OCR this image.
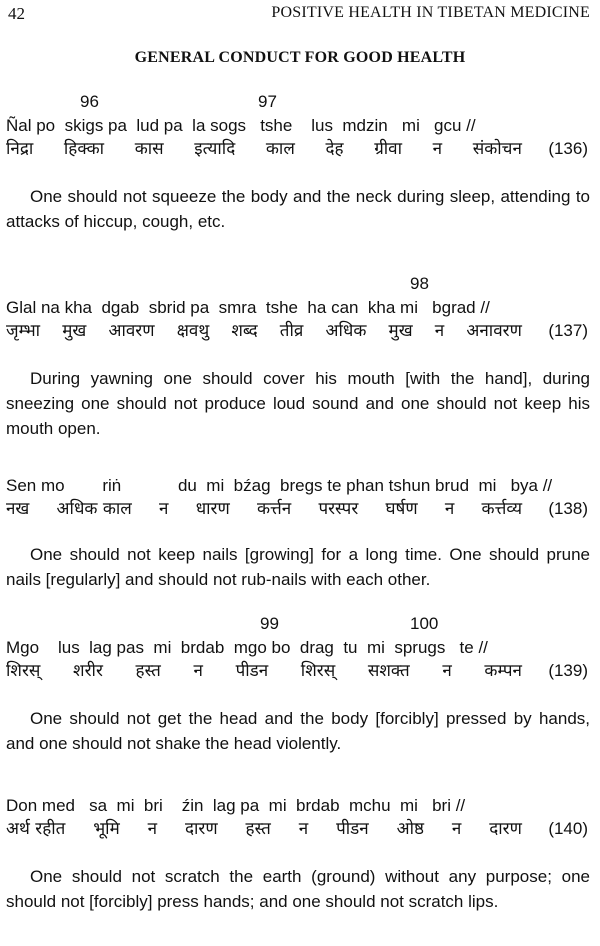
42	POSITIVE HEALTH IN TIBETAN MEDICINE
GENERAL CONDUCT FOR GOOD HEALTH
96	97
Ñal po  skigs pa  lud pa  la sogs   tshe    lus  mdzin   mi   gcu //
निद्रा हिक्का कास इत्यादि काल देह ग्रीवा न संकोचन (136)
One should not squeeze the body and the neck during sleep, attending to attacks of hiccup, cough, etc.
98
Glal na kha  dgab  sbrid pa  smra  tshe  ha can  kha mi   bgrad //
जृम्भा मुख आवरण क्षवथु शब्द तीव्र अधिक मुख न अनावरण (137)
During yawning one should cover his mouth [with the hand], during sneezing one should not produce loud sound and one should not keep his mouth open.
Sen mo        riṅ            du  mi  bźag  bregs te phan tshun brud  mi   bya //
नख अधिक काल न धारण कर्त्तन परस्पर घर्षण न कर्त्तव्य (138)
One should not keep nails [growing] for a long time. One should prune nails [regularly] and should not rub-nails with each other.
99	100
Mgo    lus  lag pas  mi  brdab  mgo bo  drag  tu  mi  sprugs   te //
शिरस् शरीर हस्त न पीडन शिरस् सशक्त न कम्पन (139)
One should not get the head and the body [forcibly] pressed by hands, and one should not shake the head violently.
Don med   sa  mi  bri    źin  lag pa  mi  brdab  mchu  mi   bri //
अर्थ रहीत भूमि न दारण हस्त न पीडन ओष्ठ न दारण (140)
One should not scratch the earth (ground) without any purpose; one should not [forcibly] press hands; and one should not scratch lips.
